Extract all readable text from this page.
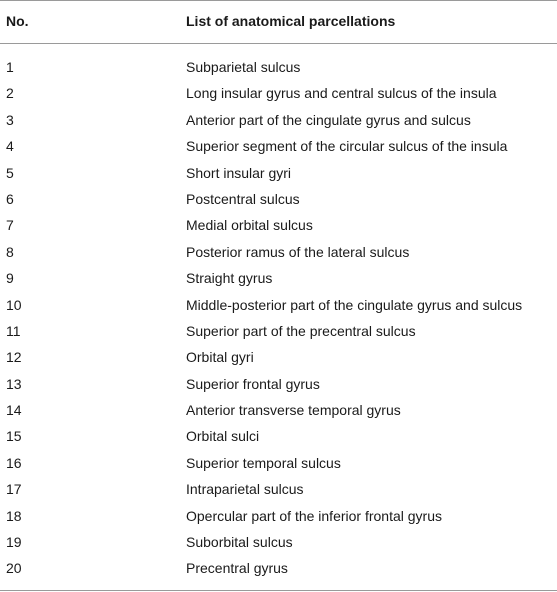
No.	List of anatomical parcellations
1	Subparietal sulcus
2	Long insular gyrus and central sulcus of the insula
3	Anterior part of the cingulate gyrus and sulcus
4	Superior segment of the circular sulcus of the insula
5	Short insular gyri
6	Postcentral sulcus
7	Medial orbital sulcus
8	Posterior ramus of the lateral sulcus
9	Straight gyrus
10	Middle-posterior part of the cingulate gyrus and sulcus
11	Superior part of the precentral sulcus
12	Orbital gyri
13	Superior frontal gyrus
14	Anterior transverse temporal gyrus
15	Orbital sulci
16	Superior temporal sulcus
17	Intraparietal sulcus
18	Opercular part of the inferior frontal gyrus
19	Suborbital sulcus
20	Precentral gyrus
